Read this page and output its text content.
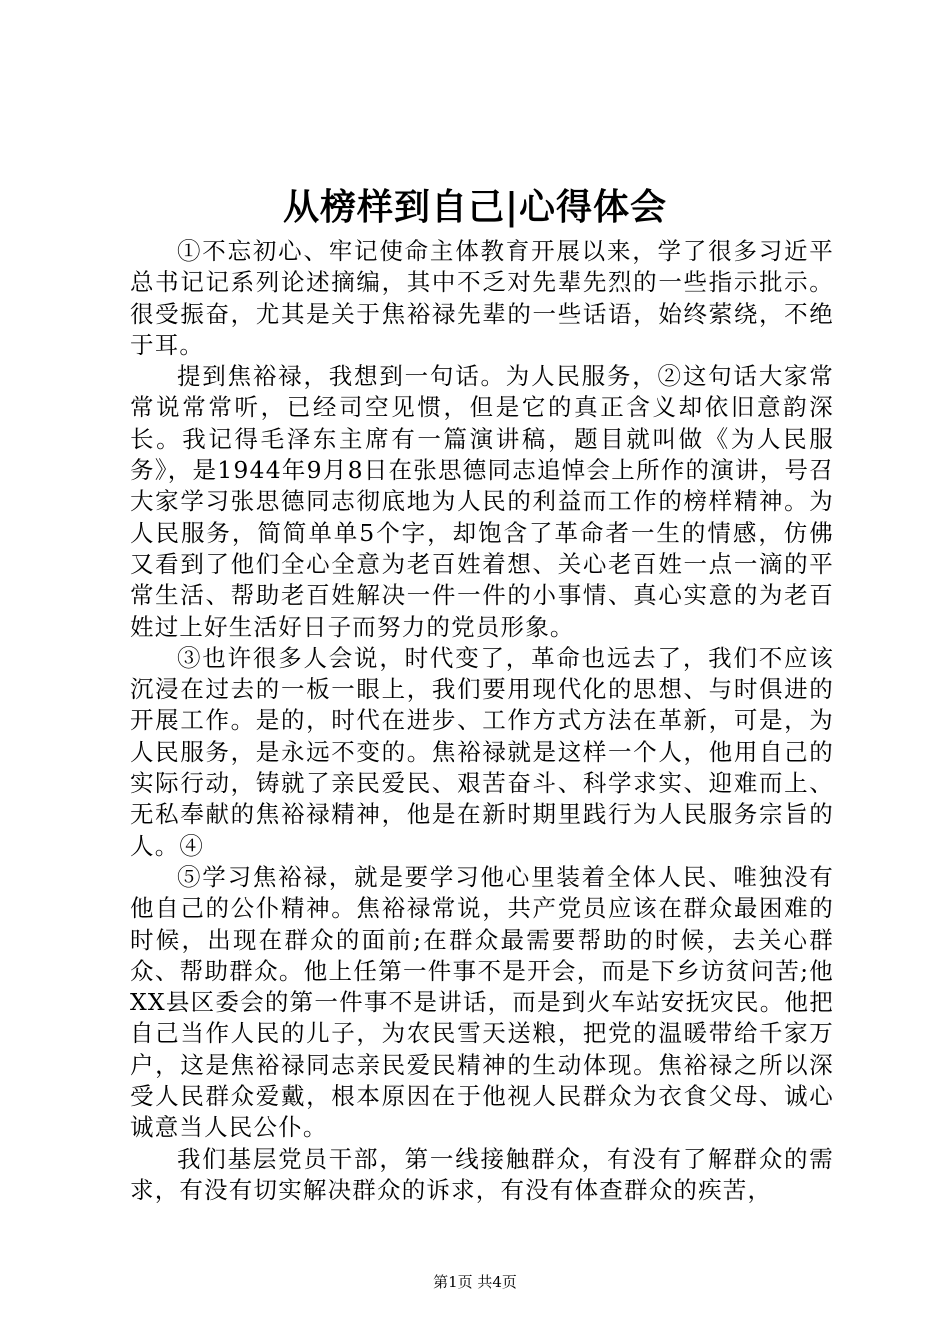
从榜样到自己|心得体会

①不忘初心、牢记使命主体教育开展以来，学了很多习近平总书记记系列论述摘编，其中不乏对先辈先烈的一些指示批示。很受振奋，尤其是关于焦裕禄先辈的一些话语，始终萦绕，不绝于耳。

提到焦裕禄，我想到一句话。为人民服务，②这句话大家常常说常常听，已经司空见惯，但是它的真正含义却依旧意韵深长。我记得毛泽东主席有一篇演讲稿，题目就叫做《为人民服务》，是1944年9月8日在张思德同志追悼会上所作的演讲，号召大家学习张思德同志彻底地为人民的利益而工作的榜样精神。为人民服务，简简单单5个字，却饱含了革命者一生的情感，仿佛又看到了他们全心全意为老百姓着想、关心老百姓一点一滴的平常生活、帮助老百姓解决一件一件的小事情、真心实意的为老百姓过上好生活好日子而努力的党员形象。

③也许很多人会说，时代变了，革命也远去了，我们不应该沉浸在过去的一板一眼上，我们要用现代化的思想、与时俱进的开展工作。是的，时代在进步、工作方式方法在革新，可是，为人民服务，是永远不变的。焦裕禄就是这样一个人，他用自己的实际行动，铸就了亲民爱民、艰苦奋斗、科学求实、迎难而上、无私奉献的焦裕禄精神，他是在新时期里践行为人民服务宗旨的人。④

⑤学习焦裕禄，就是要学习他心里装着全体人民、唯独没有他自己的公仆精神。焦裕禄常说，共产党员应该在群众最困难的时候，出现在群众的面前;在群众最需要帮助的时候，去关心群众、帮助群众。他上任第一件事不是开会，而是下乡访贫问苦;他XX县区委会的第一件事不是讲话，而是到火车站安抚灾民。他把自己当作人民的儿子，为农民雪天送粮，把党的温暖带给千家万户，这是焦裕禄同志亲民爱民精神的生动体现。焦裕禄之所以深受人民群众爱戴，根本原因在于他视人民群众为衣食父母、诚心诚意当人民公仆。

我们基层党员干部，第一线接触群众，有没有了解群众的需求，有没有切实解决群众的诉求，有没有体查群众的疾苦，

第1页 共4页
